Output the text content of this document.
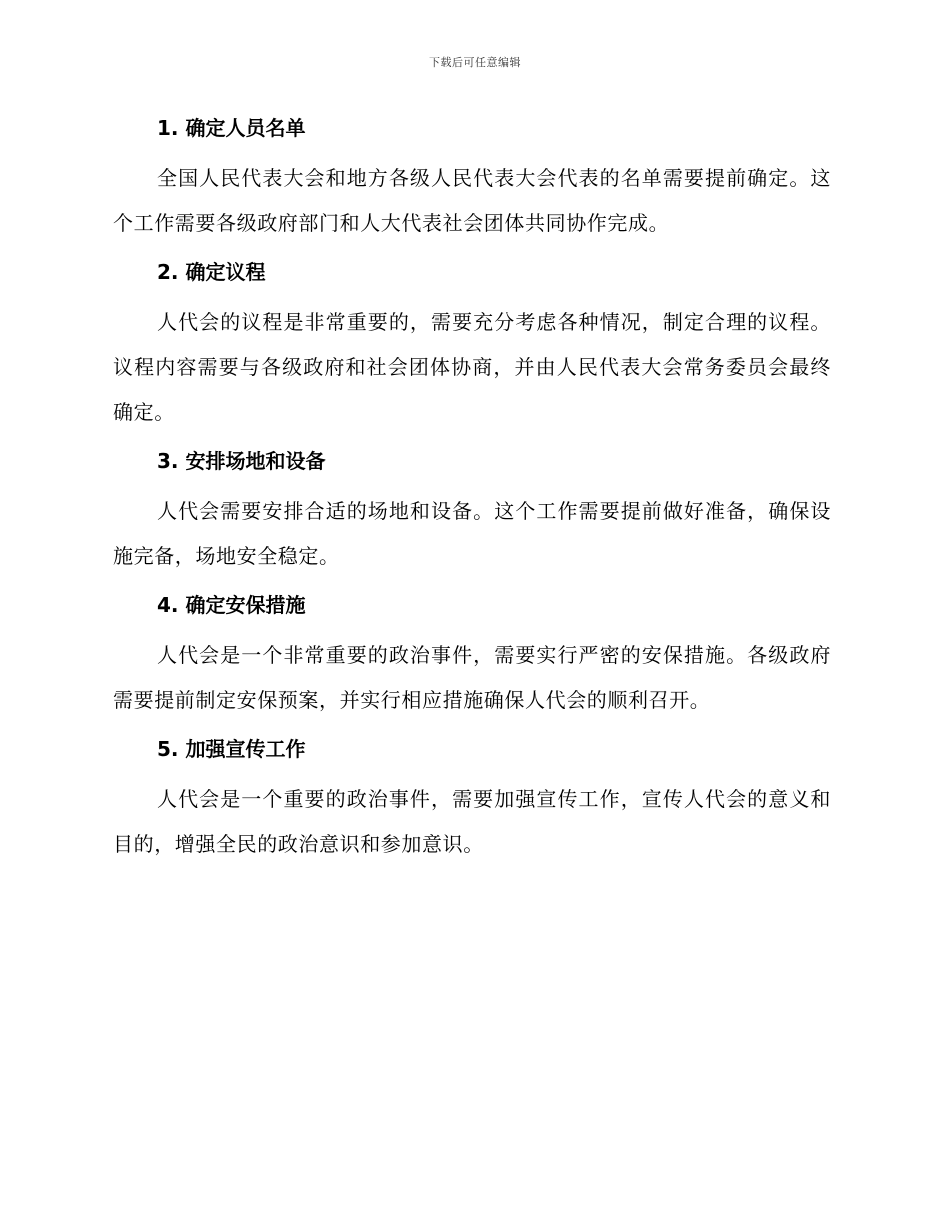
下载后可任意编辑
1. 确定人员名单

全国人民代表大会和地方各级人民代表大会代表的名单需要提前确定。这个工作需要各级政府部门和人大代表社会团体共同协作完成。

2. 确定议程

人代会的议程是非常重要的，需要充分考虑各种情况，制定合理的议程。议程内容需要与各级政府和社会团体协商，并由人民代表大会常务委员会最终确定。

3. 安排场地和设备

人代会需要安排合适的场地和设备。这个工作需要提前做好准备，确保设施完备，场地安全稳定。

4. 确定安保措施

人代会是一个非常重要的政治事件，需要实行严密的安保措施。各级政府需要提前制定安保预案，并实行相应措施确保人代会的顺利召开。

5. 加强宣传工作

人代会是一个重要的政治事件，需要加强宣传工作，宣传人代会的意义和目的，增强全民的政治意识和参加意识。
